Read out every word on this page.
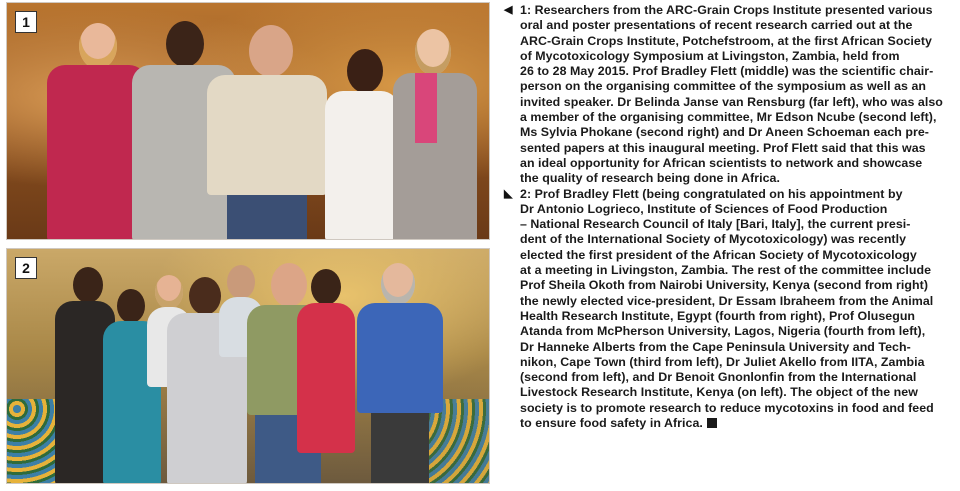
1
2
◀ 1: Researchers from the ARC-Grain Crops Institute presented various
oral and poster presentations of recent research carried out at the
ARC-Grain Crops Institute, Potchefstroom, at the first African Society
of Mycotoxicology Symposium at Livingston, Zambia, held from
26 to 28 May 2015. Prof Bradley Flett (middle) was the scientific chair-
person on the organising committee of the symposium as well as an
invited speaker. Dr Belinda Janse van Rensburg (far left), who was also
a member of the organising committee, Mr Edson Ncube (second left),
Ms Sylvia Phokane (second right) and Dr Aneen Schoeman each pre-
sented papers at this inaugural meeting. Prof Flett said that this was
an ideal opportunity for African scientists to network and showcase
the quality of research being done in Africa.
◣ 2: Prof Bradley Flett (being congratulated on his appointment by
Dr Antonio Logrieco, Institute of Sciences of Food Production
– National Research Council of Italy [Bari, Italy], the current presi-
dent of the International Society of Mycotoxicology) was recently
elected the first president of the African Society of Mycotoxicology
at a meeting in Livingston, Zambia. The rest of the committee include
Prof Sheila Okoth from Nairobi University, Kenya (second from right)
the newly elected vice-president, Dr Essam Ibraheem from the Animal
Health Research Institute, Egypt (fourth from right), Prof Olusegun
Atanda from McPherson University, Lagos, Nigeria (fourth from left),
Dr Hanneke Alberts from the Cape Peninsula University and Tech-
nikon, Cape Town (third from left), Dr Juliet Akello from IITA, Zambia
(second from left), and Dr Benoit Gnonlonfin from the International
Livestock Research Institute, Kenya (on left). The object of the new
society is to promote research to reduce mycotoxins in food and feed
to ensure food safety in Africa.
